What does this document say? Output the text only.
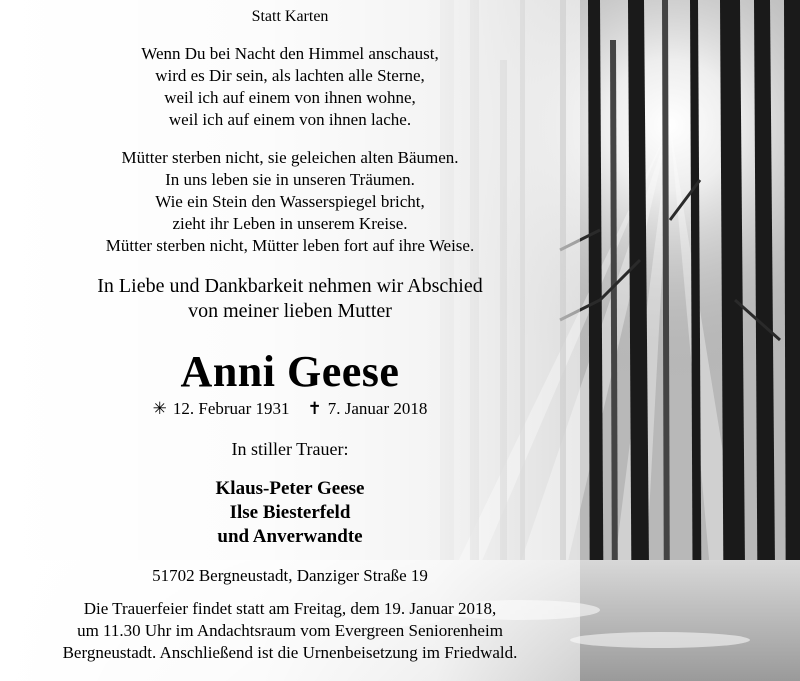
Statt Karten
Wenn Du bei Nacht den Himmel anschaust,
wird es Dir sein, als lachten alle Sterne,
weil ich auf einem von ihnen wohne,
weil ich auf einem von ihnen lache.
Mütter sterben nicht, sie geleichen alten Bäumen.
In uns leben sie in unseren Träumen.
Wie ein Stein den Wasserspiegel bricht,
zieht ihr Leben in unserem Kreise.
Mütter sterben nicht, Mütter leben fort auf ihre Weise.
In Liebe und Dankbarkeit nehmen wir Abschied
von meiner lieben Mutter
Anni Geese
✳ 12. Februar 1931 ✝ 7. Januar 2018
In stiller Trauer:
Klaus-Peter Geese
Ilse Biesterfeld
und Anverwandte
51702 Bergneustadt, Danziger Straße 19
Die Trauerfeier findet statt am Freitag, dem 19. Januar 2018,
um 11.30 Uhr im Andachtsraum vom Evergreen Seniorenheim
Bergneustadt. Anschließend ist die Urnenbeisetzung im Friedwald.
